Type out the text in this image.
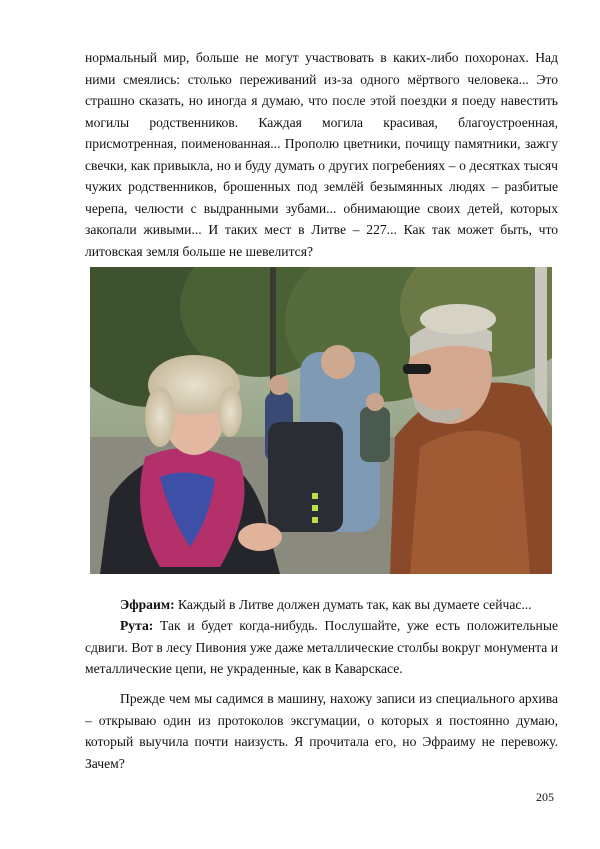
нормальный мир, больше не могут участвовать в каких-либо похоронах. Над ними смеялись: столько переживаний из-за одного мёртвого человека... Это страшно сказать, но иногда я думаю, что после этой поездки я поеду навестить могилы родственников. Каждая могила красивая, благоустроенная, присмотренная, поименованная... Прополю цветники, почищу памятники, зажгу свечки, как привыкла, но и буду думать о других погребениях – о десятках тысяч чужих родственников, брошенных под землёй безымянных людях – разбитые черепа, челюсти с выдранными зубами... обнимающие своих детей, которых закопали живыми... И таких мест в Литве – 227... Как так может быть, что литовская земля больше не шевелится?

Эфраим: Каждый в Литве должен думать так, как вы думаете сейчас...

Рута: Так и будет когда-нибудь. Послушайте, уже есть положительные сдвиги. Вот в лесу Пивония уже даже металлические столбы вокруг монумента и металлические цепи, не украденные, как в Каварскасе.

Прежде чем мы садимся в машину, нахожу записи из специального архива – открываю один из протоколов эксгумации, о которых я постоянно думаю, который выучила почти наизусть. Я прочитала его, но Эфраиму не перевожу. Зачем?

205
